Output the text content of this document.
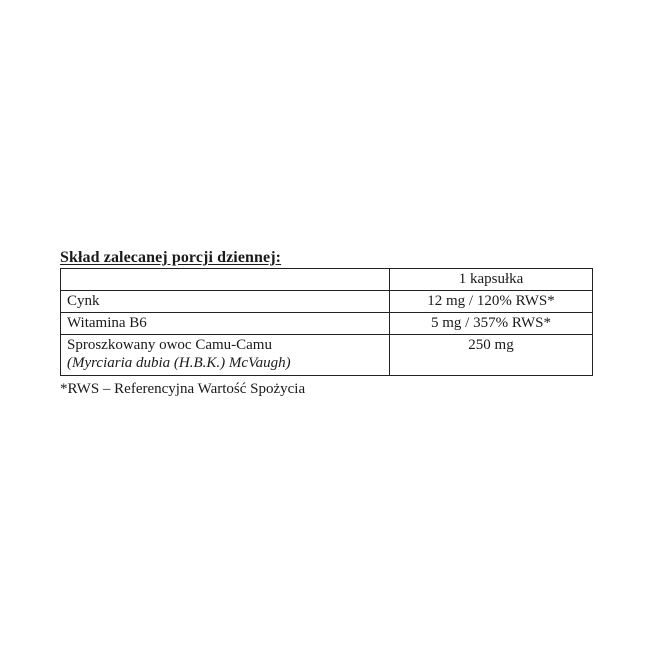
Skład zalecanej porcji dziennej:
	1 kapsułka
Cynk	12 mg / 120% RWS*
Witamina B6	5 mg / 357% RWS*
Sproszkowany owoc Camu-Camu
(Myrciaria dubia (H.B.K.) McVaugh)	250 mg
*RWS – Referencyjna Wartość Spożycia
